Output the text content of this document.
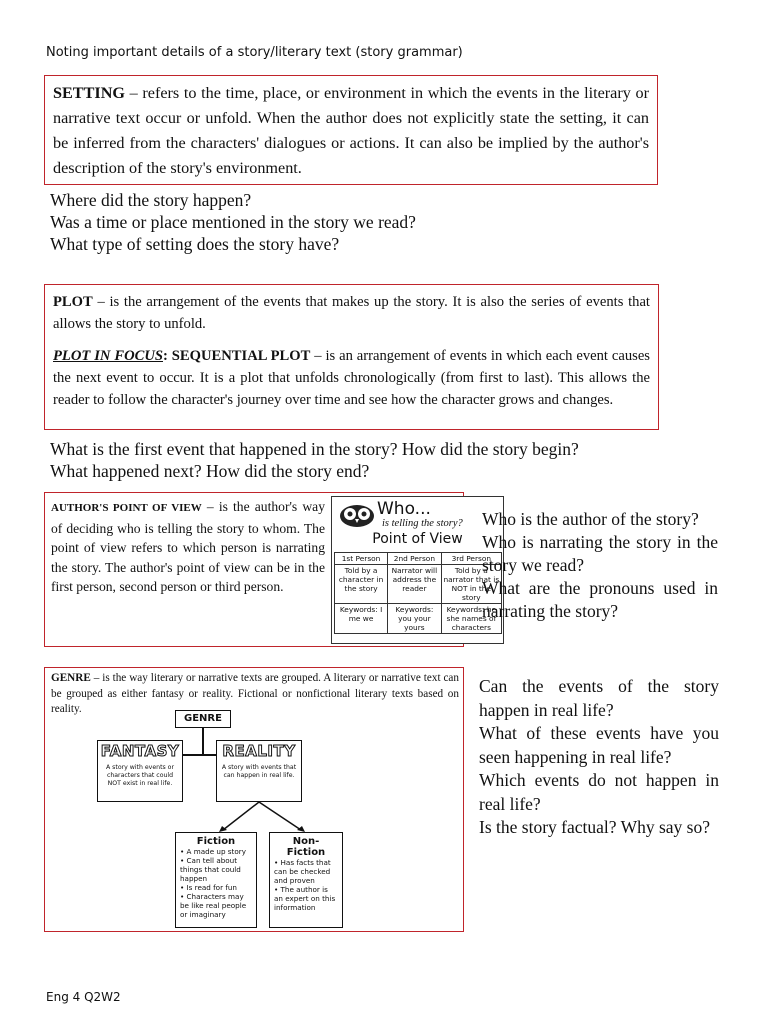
Noting important details of a story/literary text (story grammar)
SETTING – refers to the time, place, or environment in which the events in the literary or narrative text occur or unfold. When the author does not explicitly state the setting, it can be inferred from the characters' dialogues or actions. It can also be implied by the author's description of the story's environment.
Where did the story happen?
Was a time or place mentioned in the story we read?
What type of setting does the story have?
PLOT – is the arrangement of the events that makes up the story. It is also the series of events that allows the story to unfold.
PLOT IN FOCUS: SEQUENTIAL PLOT – is an arrangement of events in which each event causes the next event to occur. It is a plot that unfolds chronologically (from first to last). This allows the reader to follow the character's journey over time and see how the character grows and changes.
What is the first event that happened in the story? How did the story begin?
What happened next? How did the story end?
AUTHOR'S POINT OF VIEW – is the author's way of deciding who is telling the story to whom. The point of view refers to which person is narrating the story. The author's point of view can be in the first person, second person or third person.
Who...
is telling the story?
Point of View
1st Person	2nd Person	3rd Person
Told by a character in the story	Narrator will address the reader	Told by a narrator that is NOT in the story
Keywords: I me we	Keywords: you your yours	Keywords: he she names of characters
Who is the author of the story?
Who is narrating the story in the story we read?
What are the pronouns used in narrating the story?
GENRE – is the way literary or narrative texts are grouped. A literary or narrative text can be grouped as either fantasy or reality. Fictional or nonfictional literary texts based on reality.
GENRE
FANTASY
A story with events or characters that could NOT exist in real life.
REALITY
A story with events that can happen in real life.
Fiction
• A made up story
• Can tell about things that could happen
• Is read for fun
• Characters may be like real people or imaginary
Non-Fiction
• Has facts that can be checked and proven
• The author is an expert on this information
Can the events of the story happen in real life?
What of these events have you seen happening in real life?
Which events do not happen in real life?
Is the story factual? Why say so?
Eng 4 Q2W2
